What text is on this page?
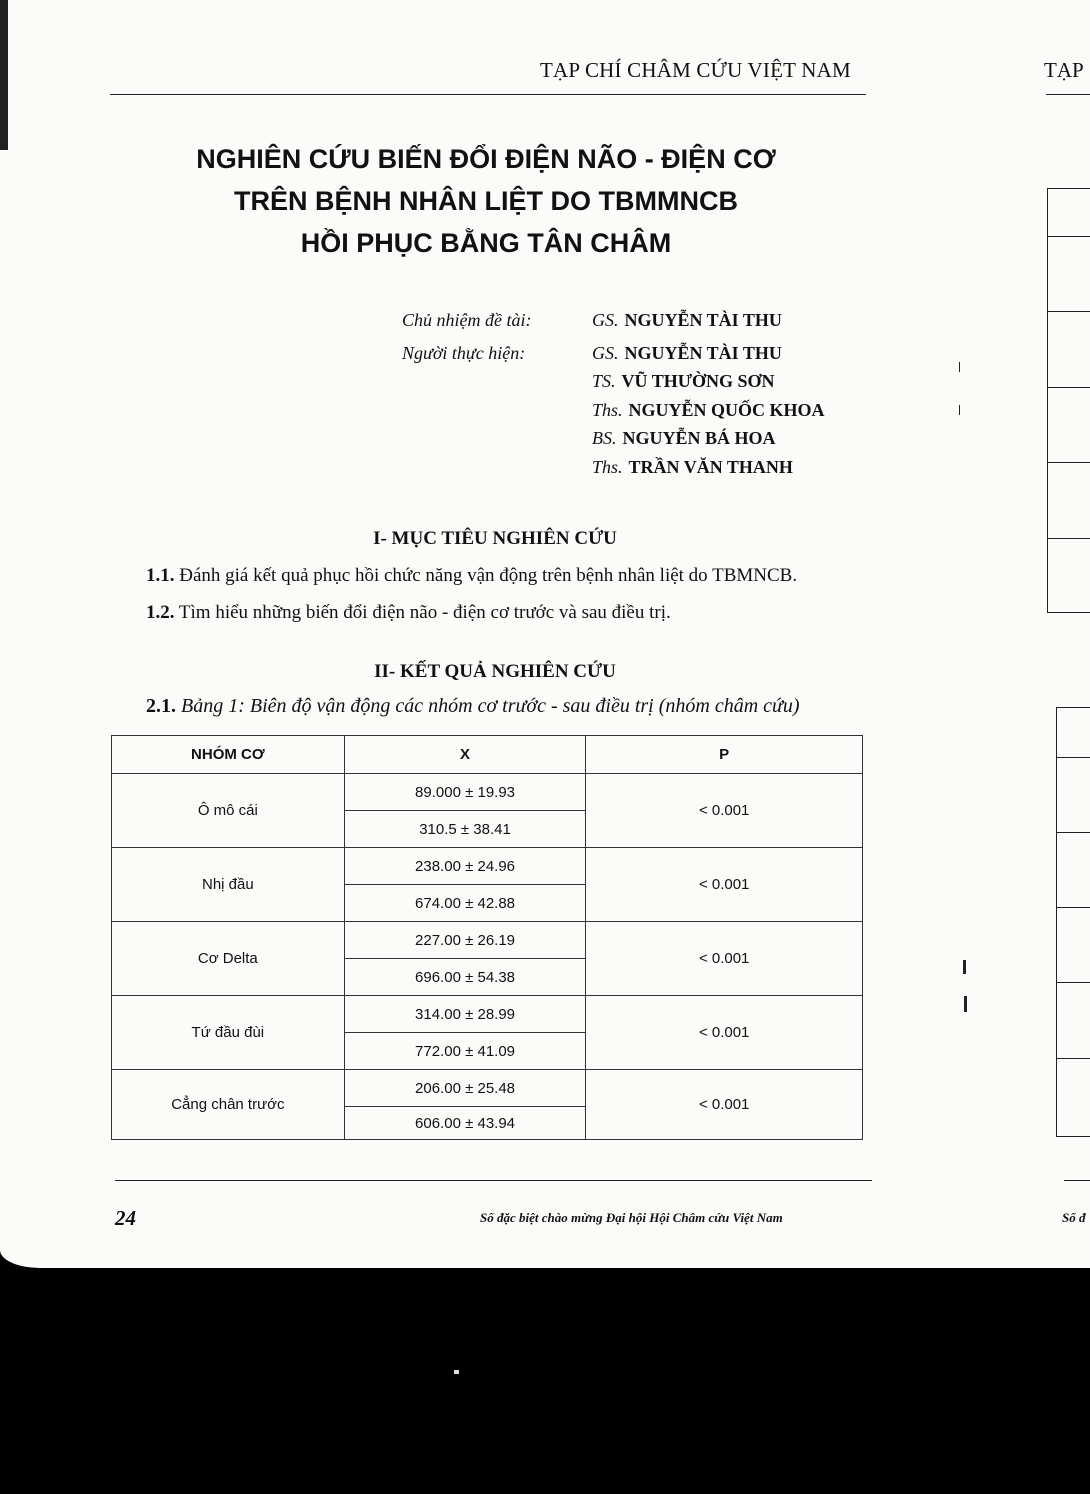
TẠP CHÍ CHÂM CỨU VIỆT NAM	TẠP
NGHIÊN CỨU BIẾN ĐỔI ĐIỆN NÃO - ĐIỆN CƠ
TRÊN BỆNH NHÂN LIỆT DO TBMMNCB
HỒI PHỤC BẰNG TÂN CHÂM
Chủ nhiệm đề tài:	GS. NGUYỄN TÀI THU
Người thực hiện:	GS. NGUYỄN TÀI THU
TS. VŨ THƯỜNG SƠN
Ths. NGUYỄN QUỐC KHOA
BS. NGUYỄN BÁ HOA
Ths. TRẦN VĂN THANH
I- MỤC TIÊU NGHIÊN CỨU
1.1. Đánh giá kết quả phục hồi chức năng vận động trên bệnh nhân liệt do TBMNCB.
1.2. Tìm hiểu những biến đổi điện não - điện cơ trước và sau điều trị.
II- KẾT QUẢ NGHIÊN CỨU
2.1. Bảng 1: Biên độ vận động các nhóm cơ trước - sau điều trị (nhóm châm cứu)
NHÓM CƠ	X	P
Ô mô cái	89.000 ± 19.93	< 0.001
	310.5 ± 38.41	
Nhị đầu	238.00 ± 24.96	< 0.001
	674.00 ± 42.88	
Cơ Delta	227.00 ± 26.19	< 0.001
	696.00 ± 54.38	
Tứ đầu đùi	314.00 ± 28.99	< 0.001
	772.00 ± 41.09	
Cẳng chân trước	206.00 ± 25.48	< 0.001
	606.00 ± 43.94	
24	Số đặc biệt chào mừng Đại hội Hội Châm cứu Việt Nam	Số đ
